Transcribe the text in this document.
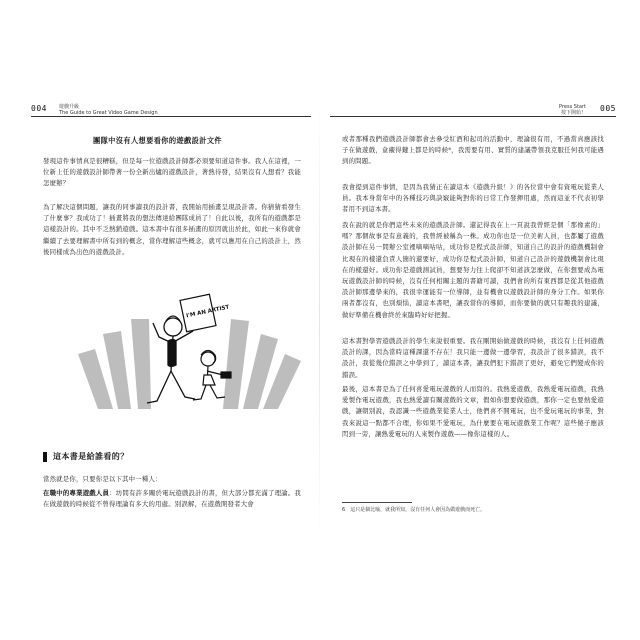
004 遊戲升級
The Guide to Great Video Game Design
團隊中沒有人想要看你的遊戲設計文件
發現這件事情真是很糟糕，但是每一位遊戲設計師都必須要知道這件事。我人在這裡，一位新上任的遊戲設計師帶著一份全新出爐的遊戲設計，著熱待發，結果沒有人想看？我能怎麼辦？
為了解決這個問題，讓我的同事讀我的設計書，我開始用插畫呈現設計書。你猜猜看發生了什麼事？我成功了！插畫將我的想法傳達給團隊成員了！自此以後，我所有的遊戲都是這樣設計的。其中不乏熱銷遊戲。這本書中有很多插畫的原因就出於此，如此一來你就會繼續了去要理解書中所有到的概念，當你理解這些概念，就可以應用在自己的設計上，然後同樣成為出色的遊戲設計。
I'M AN ARTIST
這本書是給誰看的？
當然就是你，只要你是以下其中一種人：
在職中的專業遊戲人員：坊間有許多關於電玩遊戲設計的書，但大部分都充滿了理論。我在做遊戲的時候從不曾得理論有多大的用處。別誤解，在遊戲開發者大會
Press Start
按下開始！ 005
或者那種我們遊戲設計師都會去參受紅酒和起司的活動中，理論很有用，不過當真應該找子在做遊戲，盒襯得鍵上都是的時候⁶，我需要有用、實質的建議帶領我克服任何我可能遇到的問題。
我會提到這件事情，是因為我猜正在讀這本《遊戲升級！》的各位當中會有資電玩從業人員。我本身當年中的各種技巧與訣竅能夠對你的日常工作發揮用處，然而這並不代表初學者用不到這本書。
我在說的就是你們這些未來的遊戲設計師。還記得我在上一頁說我曾經是個「那像素的」嗎？那個故事是有意義的，我曾經被稱為一株。成功你也是一位美術人員，也都屬了遊戲設計師在另一間辦公室裡嘀嘀咕咕，成功你是程式設計師，知道自己的設計的遊戲機制會比現在的樣還負責人簡的還要好，成功你是程式設計師，知道自己設計的遊戲機制會比現在的樣還好。成功你是遊戲測試員，想要努力往上爬卻不知道該怎麼做，在你想要成為電玩遊戲設計師的時候，沒有任何相關主題的書籍可讀，我們會的所有東西都是從其他遊戲設計師那邊學來的，我很幸運能有一位導師，並有機會以遊戲設計師的身分工作。如果你兩者都沒有，也別煩惱，讀這本書吧，讓我當你的導師，而你要做的就只有趣我的建議，做好準備在機會終於來臨時好好把握。
這本書對學習遊戲設計的學生來說很重要。我在剛開始做遊戲的時候，我沒有上任何遊戲設計的課，因為當時這種課還不存在！我只能一邊做一邊學習，我設計了很多錯誤，我不設計，我從幾位錯誤之中學到了，讀這本書，讓我們犯下錯誤了更好，避免它們變成你的錯誤。
最後，這本書是為了任何喜愛電玩遊戲的人而寫的。我熱愛遊戲，我熱愛電玩遊戲，我熱愛製作電玩遊戲，我也熱愛讀有關遊戲的文章，假如你想要做遊戲，那你一定也要熱愛遊戲，讓朝別說，我認識一些遊戲業從業人士，他們喜不開電玩，也不愛玩電玩的事業，對我來說這一點都不合理，你如果不愛電玩，為什麼要在電玩遊戲業工作呢？這些傻子應該閃到一旁，讓熱愛電玩的人來製作遊戲——像你這樣的人。
6　這只是個比喻，就我所知，沒有任何人會因為做遊戲而死亡。
